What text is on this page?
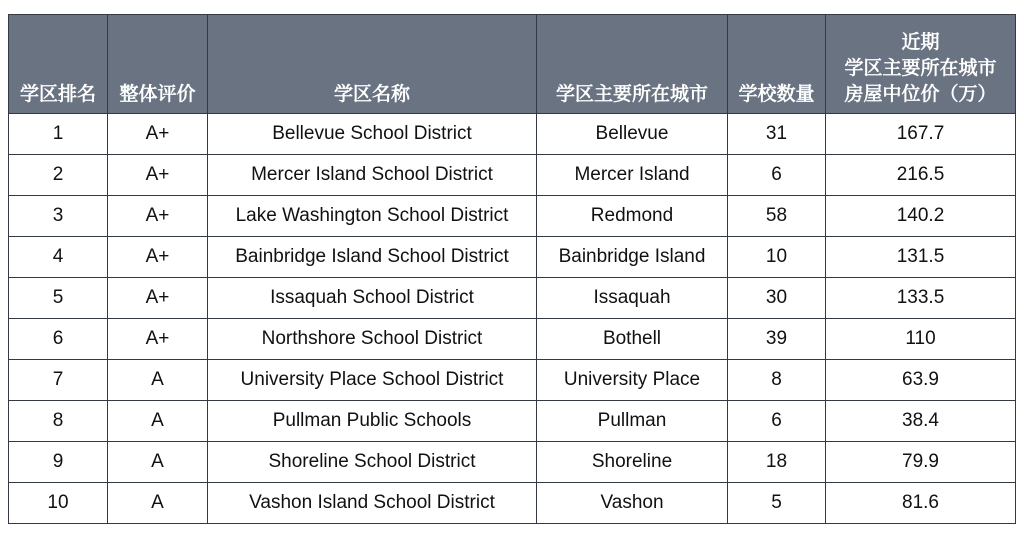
学区排名	整体评价	学区名称	学区主要所在城市	学校数量	近期
学区主要所在城市
房屋中位价（万）

1	A+	Bellevue School District	Bellevue	31	167.7
2	A+	Mercer Island School District	Mercer Island	6	216.5
3	A+	Lake Washington School District	Redmond	58	140.2
4	A+	Bainbridge Island School District	Bainbridge Island	10	131.5
5	A+	Issaquah School District	Issaquah	30	133.5
6	A+	Northshore School District	Bothell	39	110
7	A	University Place School District	University Place	8	63.9
8	A	Pullman Public Schools	Pullman	6	38.4
9	A	Shoreline School District	Shoreline	18	79.9
10	A	Vashon Island School District	Vashon	5	81.6
